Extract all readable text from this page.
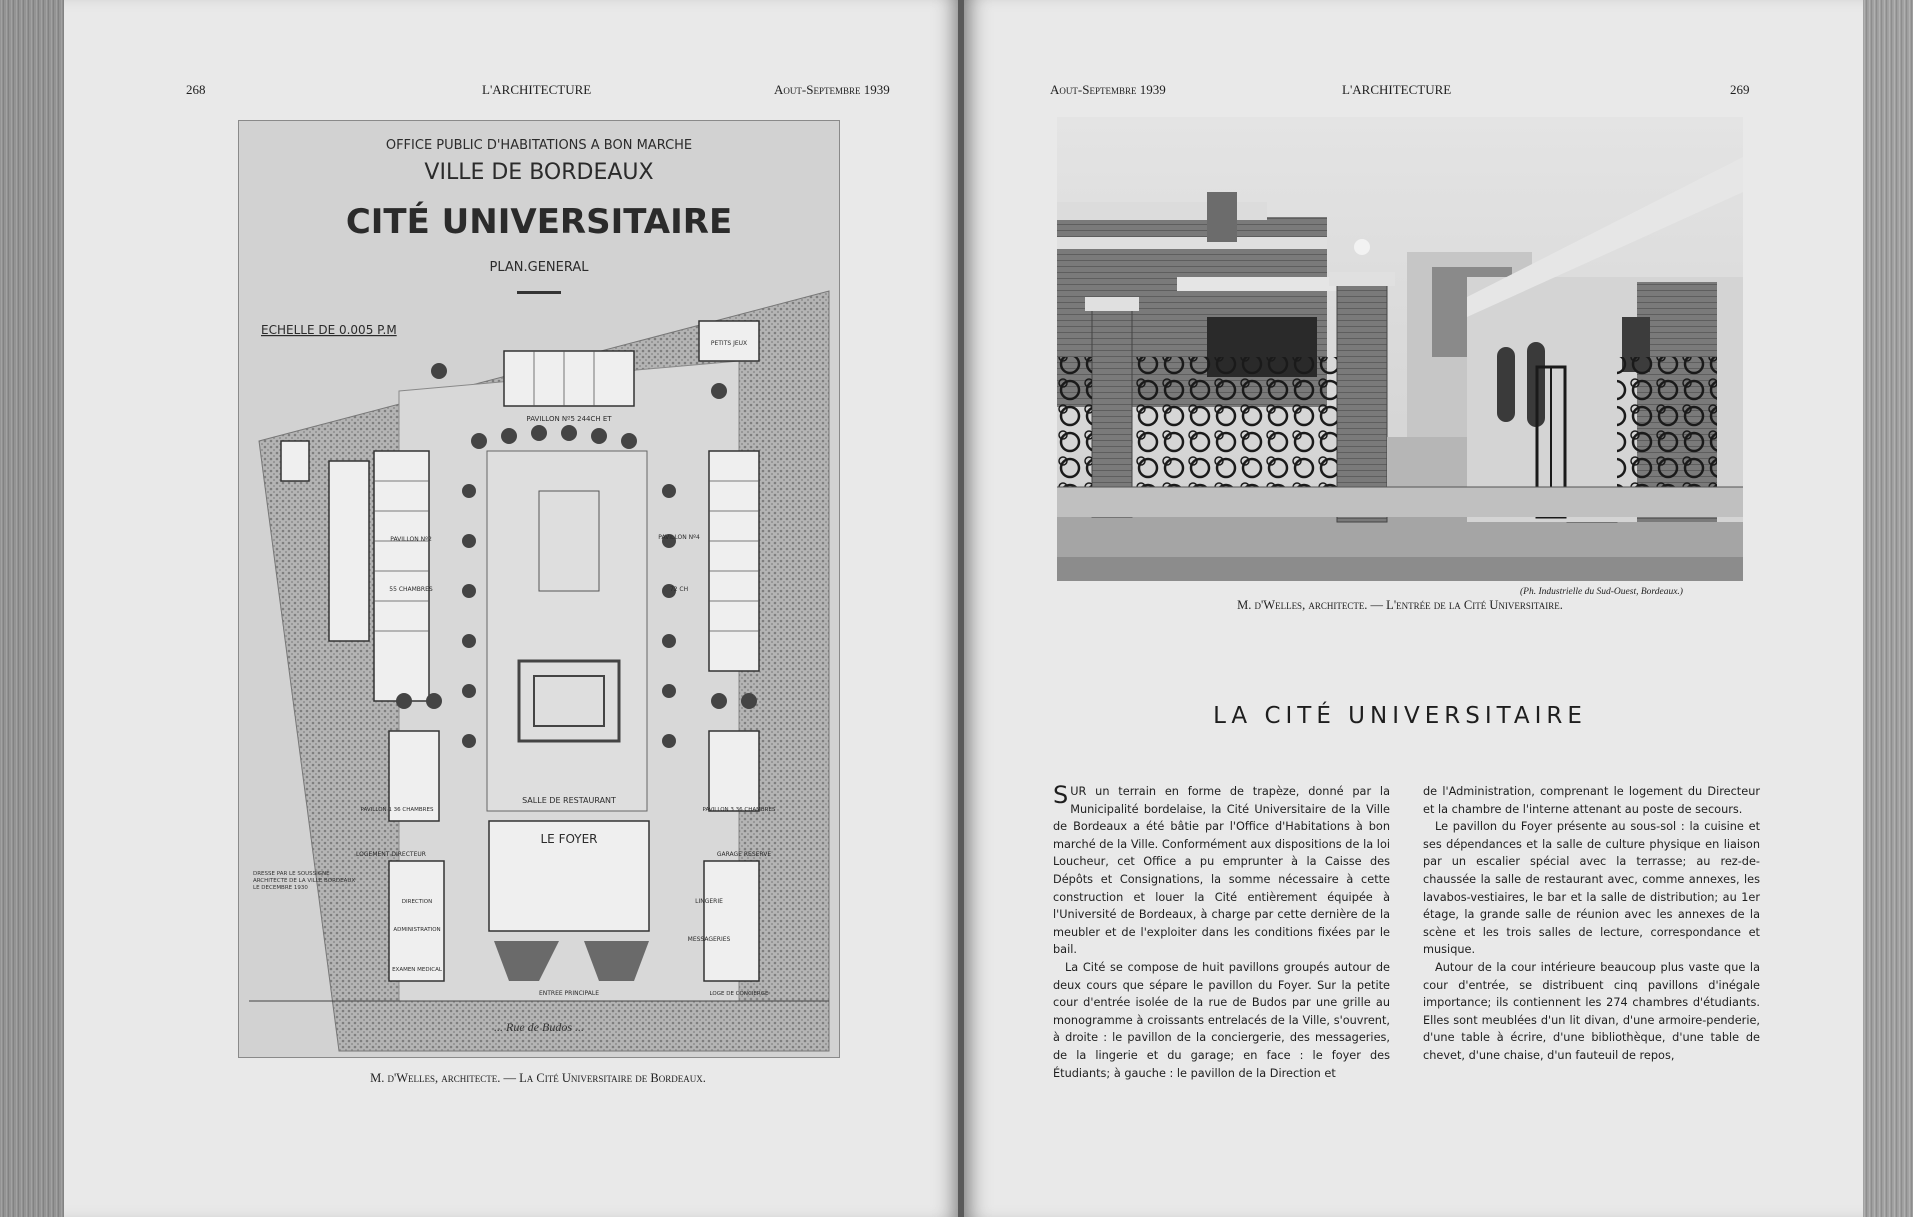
268	L'ARCHITECTURE	Aout-Septembre 1939
OFFICE PUBLIC D'HABITATIONS A BON MARCHE
VILLE DE BORDEAUX
CITÉ UNIVERSITAIRE
PLAN.GENERAL
ECHELLE DE 0.005 P.M
PETITS JEUX
PAVILLON Nº5 244CH ET
PAVILLON Nº2
55 CHAMBRES
PAVILLON Nº4
72 CH
PAVILLON 1 36 CHAMBRES	PAVILLON 3 36 CHAMBRES
SALLE DE RESTAURANT
LE FOYER
LOGEMENT DIRECTEUR	GARAGE RESERVE
LINGERIE
MESSAGERIES
DIRECTION
ADMINISTRATION
EXAMEN MEDICAL
ENTREE PRINCIPALE	LOGE DE CONCIERGE
DRESSE PAR LE SOUSSIGNE ARCHITECTE DE LA VILLE BORDEAUX LE DECEMBRE 1930
... Rue de Budos ...
M. d'Welles, architecte. — La Cité Universitaire de Bordeaux.
Aout-Septembre 1939	L'ARCHITECTURE	269
(Ph. Industrielle du Sud-Ouest, Bordeaux.)
M. d'Welles, architecte. — L'entrée de la Cité Universitaire.
LA CITÉ UNIVERSITAIRE

SUR un terrain en forme de trapèze, donné par la Municipalité bordelaise, la Cité Universitaire de la Ville de Bordeaux a été bâtie par l'Office d'Habitations à bon marché de la Ville. Conformément aux dispositions de la loi Loucheur, cet Office a pu emprunter à la Caisse des Dépôts et Consignations, la somme nécessaire à cette construction et louer la Cité entièrement équipée à l'Université de Bordeaux, à charge par cette dernière de la meubler et de l'exploiter dans les conditions fixées par le bail.

La Cité se compose de huit pavillons groupés autour de deux cours que sépare le pavillon du Foyer. Sur la petite cour d'entrée isolée de la rue de Budos par une grille au monogramme à croissants entrelacés de la Ville, s'ouvrent, à droite : le pavillon de la conciergerie, des messageries, de la lingerie et du garage; en face : le foyer des Étudiants; à gauche : le pavillon de la Direction et

de l'Administration, comprenant le logement du Directeur et la chambre de l'interne attenant au poste de secours.

Le pavillon du Foyer présente au sous-sol : la cuisine et ses dépendances et la salle de culture physique en liaison par un escalier spécial avec la terrasse; au rez-de-chaussée la salle de restaurant avec, comme annexes, les lavabos-vestiaires, le bar et la salle de distribution; au 1er étage, la grande salle de réunion avec les annexes de la scène et les trois salles de lecture, correspondance et musique.

Autour de la cour intérieure beaucoup plus vaste que la cour d'entrée, se distribuent cinq pavillons d'inégale importance; ils contiennent les 274 chambres d'étudiants. Elles sont meublées d'un lit divan, d'une armoire-penderie, d'une table à écrire, d'une bibliothèque, d'une table de chevet, d'une chaise, d'un fauteuil de repos,
